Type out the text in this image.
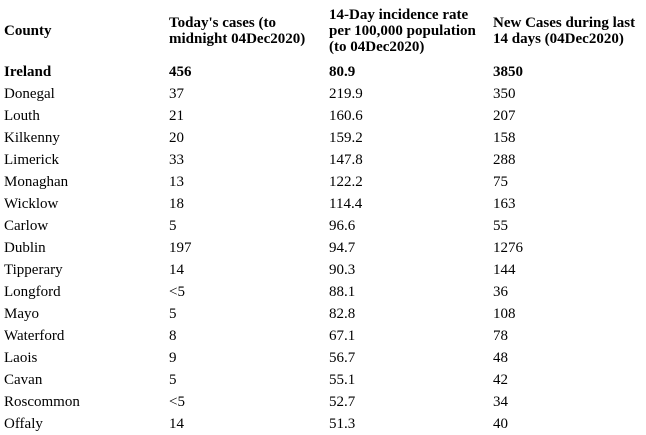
County	Today's cases (to midnight 04Dec2020)	14-Day incidence rate per 100,000 population (to 04Dec2020)	New Cases during last 14 days (04Dec2020)
Ireland	456	80.9	3850
Donegal	37	219.9	350
Louth	21	160.6	207
Kilkenny	20	159.2	158
Limerick	33	147.8	288
Monaghan	13	122.2	75
Wicklow	18	114.4	163
Carlow	5	96.6	55
Dublin	197	94.7	1276
Tipperary	14	90.3	144
Longford	<5	88.1	36
Mayo	5	82.8	108
Waterford	8	67.1	78
Laois	9	56.7	48
Cavan	5	55.1	42
Roscommon	<5	52.7	34
Offaly	14	51.3	40
